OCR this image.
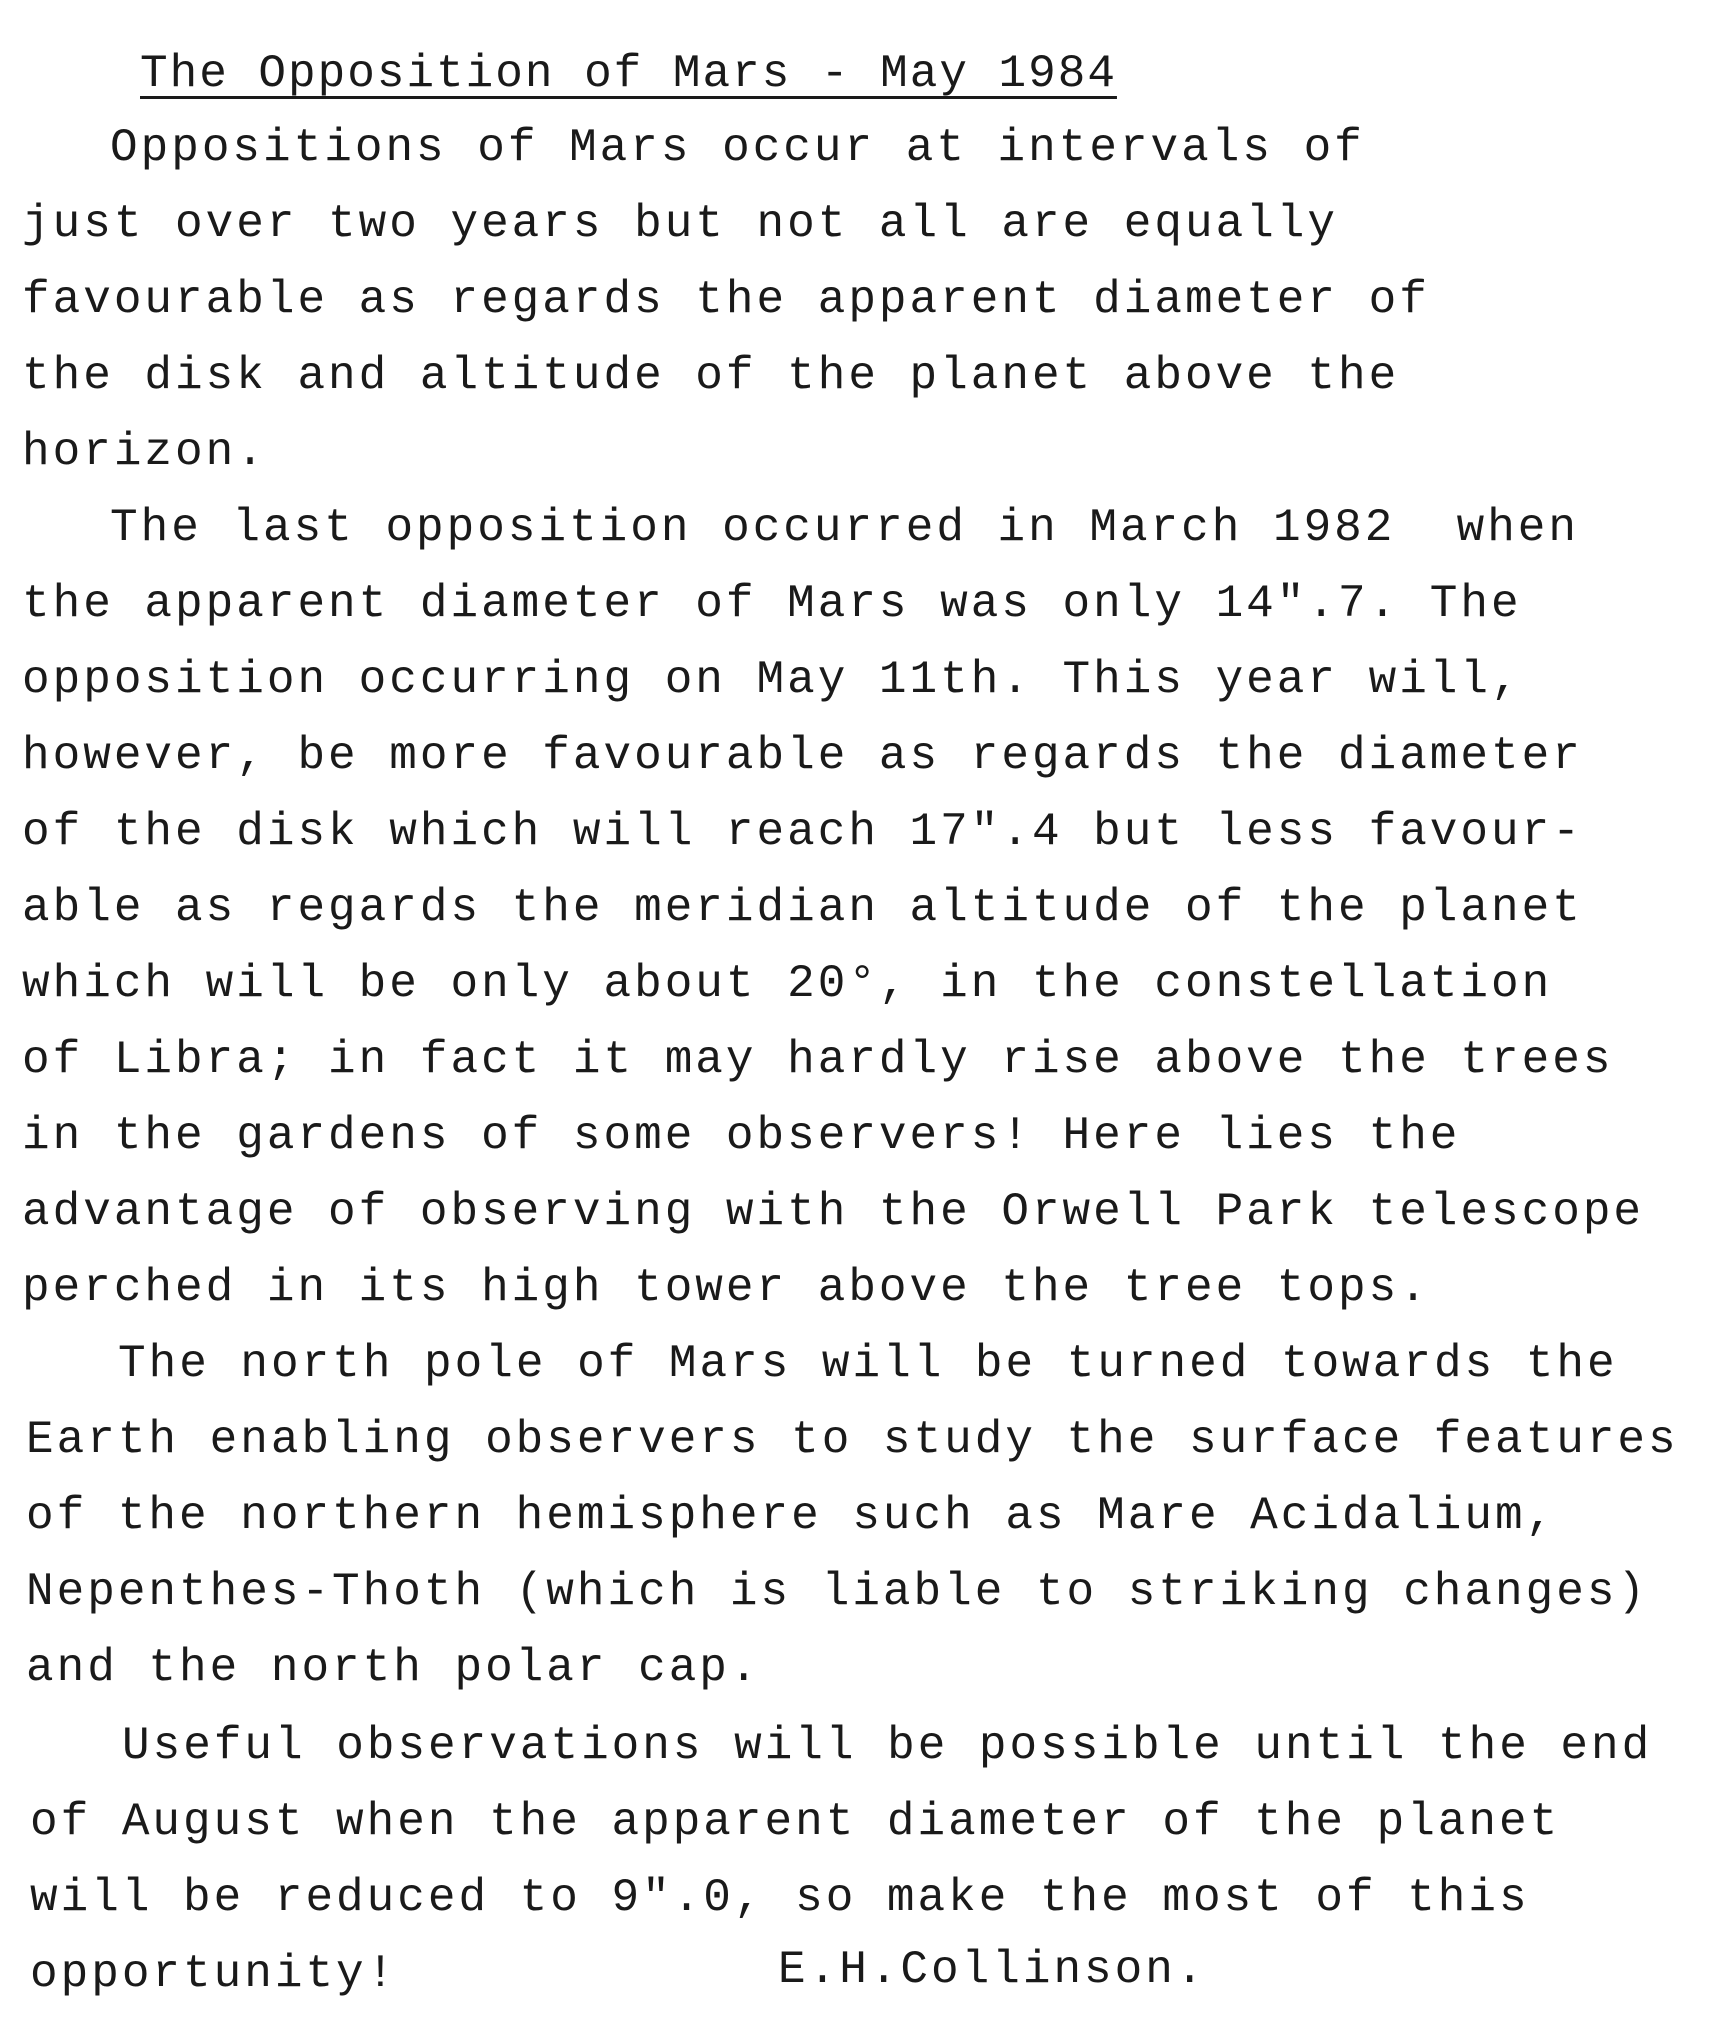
The Opposition of Mars - May 1984
Oppositions of Mars occur at intervals of
just over two years but not all are equally
favourable as regards the apparent diameter of
the disk and altitude of the planet above the
horizon.
The last opposition occurred in March 1982  when
the apparent diameter of Mars was only 14".7. The
opposition occurring on May 11th. This year will,
however, be more favourable as regards the diameter
of the disk which will reach 17".4 but less favour-
able as regards the meridian altitude of the planet
which will be only about 20°, in the constellation
of Libra; in fact it may hardly rise above the trees
in the gardens of some observers! Here lies the
advantage of observing with the Orwell Park telescope
perched in its high tower above the tree tops.
The north pole of Mars will be turned towards the
Earth enabling observers to study the surface features
of the northern hemisphere such as Mare Acidalium,
Nepenthes-Thoth (which is liable to striking changes)
and the north polar cap.
Useful observations will be possible until the end
of August when the apparent diameter of the planet
will be reduced to 9".0, so make the most of this
opportunity!	E.H.Collinson.
